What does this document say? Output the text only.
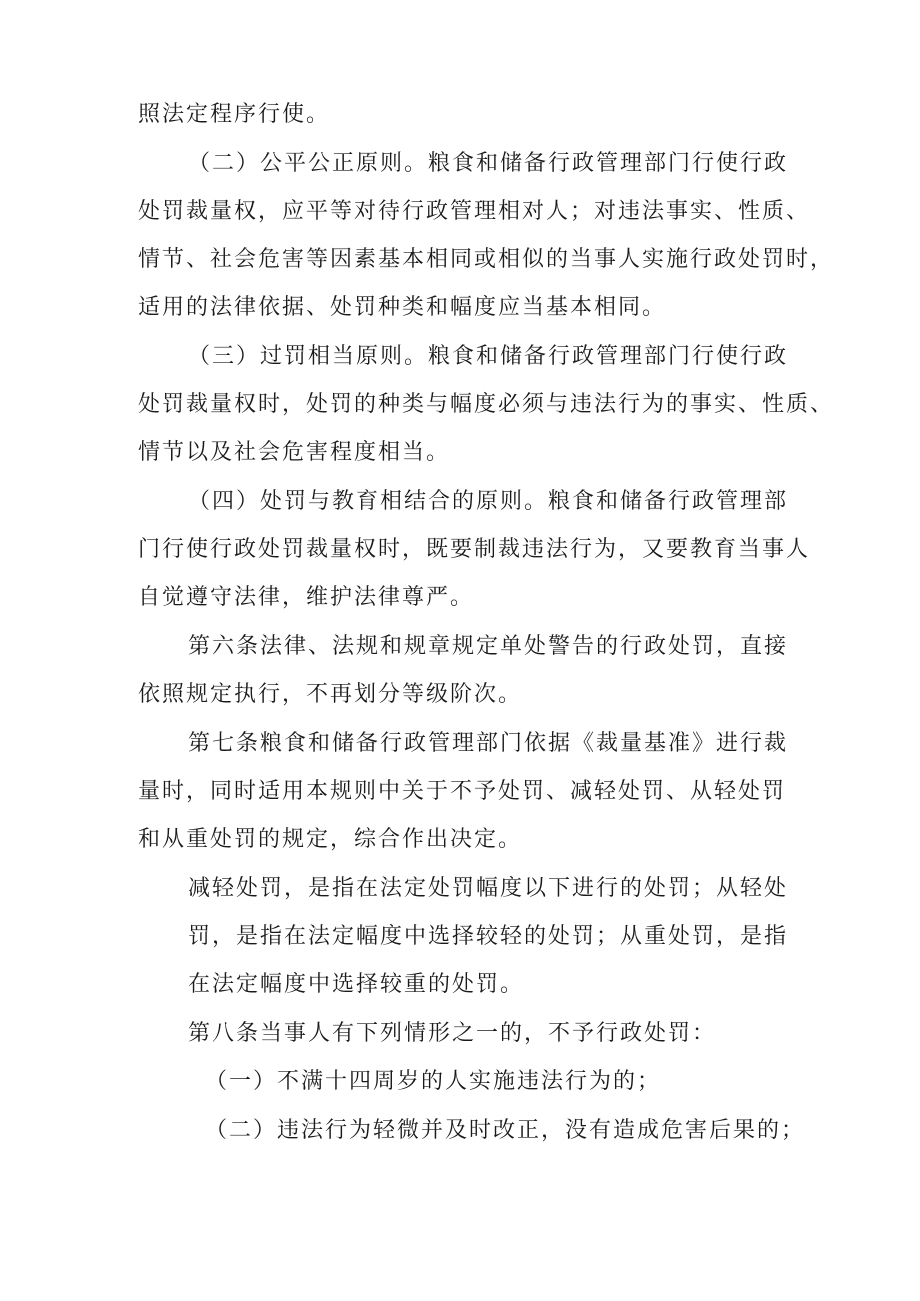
照法定程序行使。
（二）公平公正原则。粮食和储备行政管理部门行使行政
处罚裁量权，应平等对待行政管理相对人；对违法事实、性质、
情节、社会危害等因素基本相同或相似的当事人实施行政处罚时，
适用的法律依据、处罚种类和幅度应当基本相同。
（三）过罚相当原则。粮食和储备行政管理部门行使行政
处罚裁量权时，处罚的种类与幅度必须与违法行为的事实、性质、
情节以及社会危害程度相当。
（四）处罚与教育相结合的原则。粮食和储备行政管理部
门行使行政处罚裁量权时，既要制裁违法行为，又要教育当事人
自觉遵守法律，维护法律尊严。
第六条法律、法规和规章规定单处警告的行政处罚，直接
依照规定执行，不再划分等级阶次。
第七条粮食和储备行政管理部门依据《裁量基准》进行裁
量时，同时适用本规则中关于不予处罚、减轻处罚、从轻处罚
和从重处罚的规定，综合作出决定。
减轻处罚，是指在法定处罚幅度以下进行的处罚；从轻处
罚，是指在法定幅度中选择较轻的处罚；从重处罚，是指
在法定幅度中选择较重的处罚。
第八条当事人有下列情形之一的，不予行政处罚：
（一）不满十四周岁的人实施违法行为的；
（二）违法行为轻微并及时改正，没有造成危害后果的；
